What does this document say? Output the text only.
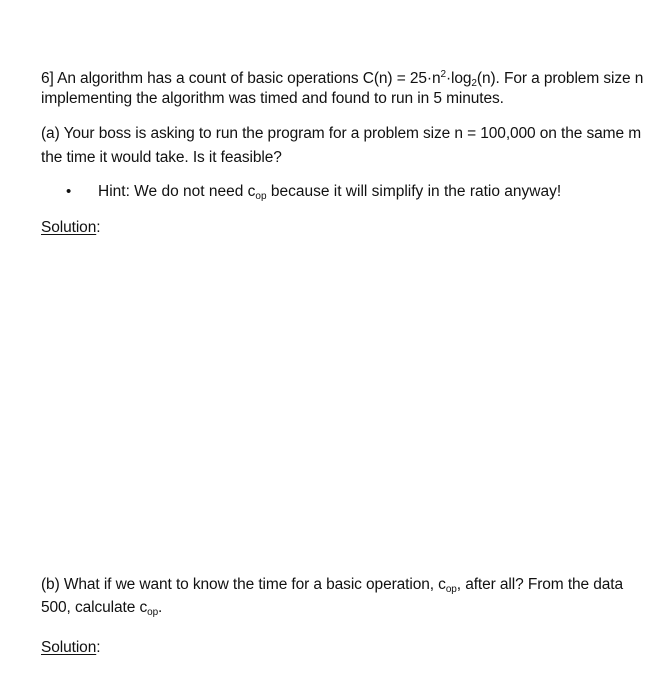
6] An algorithm has a count of basic operations $C(n) = 25\cdot n^2\cdot\log_2(n)$. For a problem size n
implementing the algorithm was timed and found to run in 5 minutes.
(a) Your boss is asking to run the program for a problem size n = 100,000 on the same m
the time it would take. Is it feasible?
• Hint: We do not need $c_{op}$ because it will simplify in the ratio anyway!
Solution:
(b) What if we want to know the time for a basic operation, $c_{op}$, after all? From the data
500, calculate $c_{op}$.
Solution:
